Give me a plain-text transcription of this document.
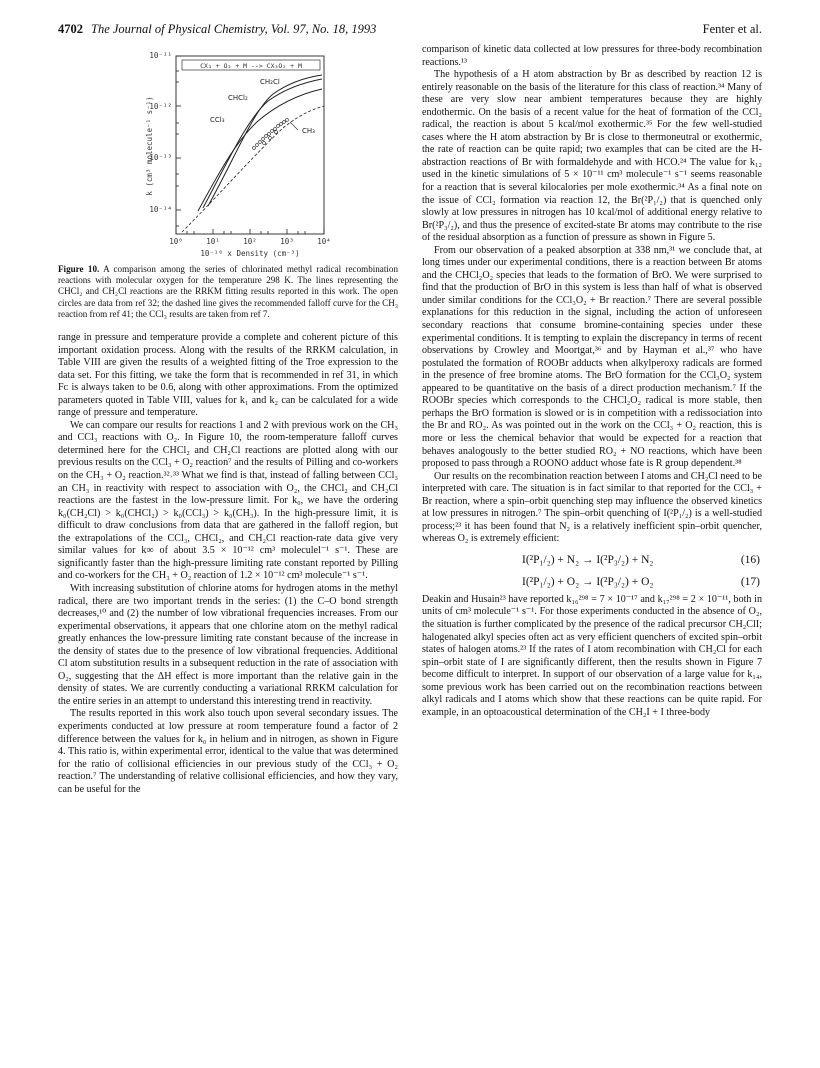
4702 The Journal of Physical Chemistry, Vol. 97, No. 18, 1993	Fenter et al.
10⁻¹¹
10⁻¹²
10⁻¹³
10⁻¹⁴
10⁰	10¹	10²	10³	10⁴
10⁻¹⁶ x Density (cm⁻³)
k (cm³ molecule⁻¹ s⁻¹)
CX₃ + O₂ + M --> CX₃O₂ + M
CH₂Cl
CHCl₂
CCl₃
CH₃
Figure 10. A comparison among the series of chlorinated methyl radical recombination reactions with molecular oxygen for the temperature 298 K. The lines representing the CHCl₂ and CH₂Cl reactions are the RRKM fitting results reported in this work. The open circles are data from ref 32; the dashed line gives the recommended falloff curve for the CH₃ reaction from ref 41; the CCl₃ results are taken from ref 7.

range in pressure and temperature provide a complete and coherent picture of this important oxidation process. Along with the results of the RRKM calculation, in Table VIII are given the results of a weighted fitting of the Troe expression to the data set. For this fitting, we take the form that is recommended in ref 31, in which Fᴄ is always taken to be 0.6, along with other approximations. From the optimized parameters quoted in Table VIII, values for k₁ and k₂ can be calculated for a wide range of pressure and temperature.

We can compare our results for reactions 1 and 2 with previous work on the CH₃ and CCl₃ reactions with O₂. In Figure 10, the room-temperature falloff curves determined here for the CHCl₂ and CH₂Cl reactions are plotted along with our previous results on the CCl₃ + O₂ reaction⁷ and the results of Pilling and co-workers on the CH₃ + O₂ reaction.³²˒³³ What we find is that, instead of falling between CCl₃ an CH₃ in reactivity with respect to association with O₂, the CHCl₂ and CH₂Cl reactions are the fastest in the low-pressure limit. For k₀, we have the ordering k₀(CH₂Cl) > k₀(CHCl₂) > k₀(CCl₃) > k₀(CH₃). In the high-pressure limit, it is difficult to draw conclusions from data that are gathered in the falloff region, but the extrapolations of the CCl₃, CHCl₂, and CH₂Cl reaction-rate data give very similar values for k∞ of about 3.5 × 10⁻¹² cm³ moleculel⁻¹ s⁻¹. These are significantly faster than the high-pressure limiting rate constant reported by Pilling and co-workers for the CH₃ + O₂ reaction of 1.2 × 10⁻¹² cm³ molecule⁻¹ s⁻¹.

With increasing substitution of chlorine atoms for hydrogen atoms in the methyl radical, there are two important trends in the series: (1) the C–O bond strength decreases,¹⁰ and (2) the number of low vibrational frequencies increases. From our experimental observations, it appears that one chlorine atom on the methyl radical greatly enhances the low-pressure limiting rate constant because of the increase in the density of states due to the presence of low vibrational frequencies. Additional Cl atom substitution results in a subsequent reduction in the rate of association with O₂, suggesting that the ΔH effect is more important than the relative gain in the density of states. We are currently conducting a variational RRKM calculation for the entire series in an attempt to understand this interesting trend in reactivity.

The results reported in this work also touch upon several secondary issues. The experiments conducted at low pressure at room temperature found a factor of 2 difference between the values for k₀ in helium and in nitrogen, as shown in Figure 4. This ratio is, within experimental error, identical to the value that was determined for the ratio of collisional efficiencies in our previous study of the CCl₃ + O₂ reaction.⁷ The understanding of relative collisional efficiencies, and how they vary, can be useful for the

comparison of kinetic data collected at low pressures for three-body recombination reactions.¹³

The hypothesis of a H atom abstraction by Br as described by reaction 12 is entirely reasonable on the basis of the literature for this class of reaction.³⁴ Many of these are very slow near ambient temperatures because they are highly endothermic. On the basis of a recent value for the heat of formation of the CCl₂ radical, the reaction is about 5 kcal/mol exothermic.³⁵ For the few well-studied cases where the H atom abstraction by Br is close to thermoneutral or exothermic, the rate of reaction can be quite rapid; two examples that can be cited are the H-abstraction reactions of Br with formaldehyde and with HCO.²⁴ The value for k₁₂ used in the kinetic simulations of 5 × 10⁻¹¹ cm³ molecule⁻¹ s⁻¹ seems reasonable for a reaction that is several kilocalories per mole exothermic.³⁴ As a final note on the issue of CCl₂ formation via reaction 12, the Br(²P₁/₂) that is quenched only slowly at low pressures in nitrogen has 10 kcal/mol of additional energy relative to Br(²P₃/₂), and thus the presence of excited-state Br atoms may contribute to the rise of the residual absorption as a function of pressure as shown in Figure 5.

From our observation of a peaked absorption at 338 nm,³¹ we conclude that, at long times under our experimental conditions, there is a reaction between Br atoms and the CHCl₂O₂ species that leads to the formation of BrO. We were surprised to find that the production of BrO in this system is less than half of what is observed under similar conditions for the CCl₃O₂ + Br reaction.⁷ There are several possible explanations for this reduction in the signal, including the action of unforeseen secondary reactions that consume bromine-containing species under these experimental conditions. It is tempting to explain the discrepancy in terms of recent observations by Crowley and Moortgat,³⁶ and by Hayman et al.,³⁷ who have postulated the formation of ROOBr adducts when alkylperoxy radicals are formed in the presence of free bromine atoms. The BrO formation for the CCl₃O₂ system appeared to be quantitative on the basis of a direct production mechanism.⁷ If the ROOBr species which corresponds to the CHCl₂O₂ radical is more stable, then perhaps the BrO formation is slowed or is in competition with a redissociation into the Br and RO₂. As was pointed out in the work on the CCl₃ + O₂ reaction, this is more or less the chemical behavior that would be expected for a reaction that behaves analogously to the better studied RO₂ + NO reactions, which have been proposed to pass through a ROONO adduct whose fate is R group dependent.³⁸

Our results on the recombination reaction between I atoms and CH₂Cl need to be interpreted with care. The situation is in fact similar to that reported for the CCl₃ + Br reaction, where a spin–orbit quenching step may influence the observed kinetics at low pressures in nitrogen.⁷ The spin–orbit quenching of I(²P₁/₂) is a well-studied process;²³ it has been found that N₂ is a relatively inefficient spin–orbit quencher, whereas O₂ is extremely efficient:

I(²P₁/₂) + N₂ → I(²P₃/₂) + N₂	(16)
I(²P₁/₂) + O₂ → I(²P₃/₂) + O₂	(17)

Deakin and Husain²³ have reported k₁₆²⁹⁸ = 7 × 10⁻¹⁷ and k₁₇²⁹⁸ = 2 × 10⁻¹¹, both in units of cm³ molecule⁻¹ s⁻¹. For those experiments conducted in the absence of O₂, the situation is further complicated by the presence of the radical precursor CH₂ClI; halogenated alkyl species often act as very efficient quenchers of excited spin–orbit states of halogen atoms.²³ If the rates of I atom recombination with CH₂Cl for each spin–orbit state of I are significantly different, then the results shown in Figure 7 become difficult to interpret. In support of our observation of a large value for k₁₄, some previous work has been carried out on the recombination reactions between alkyl radicals and I atoms which show that these reactions can be quite rapid. For example, in an optoacoustical determination of the CH₂I + I three-body
